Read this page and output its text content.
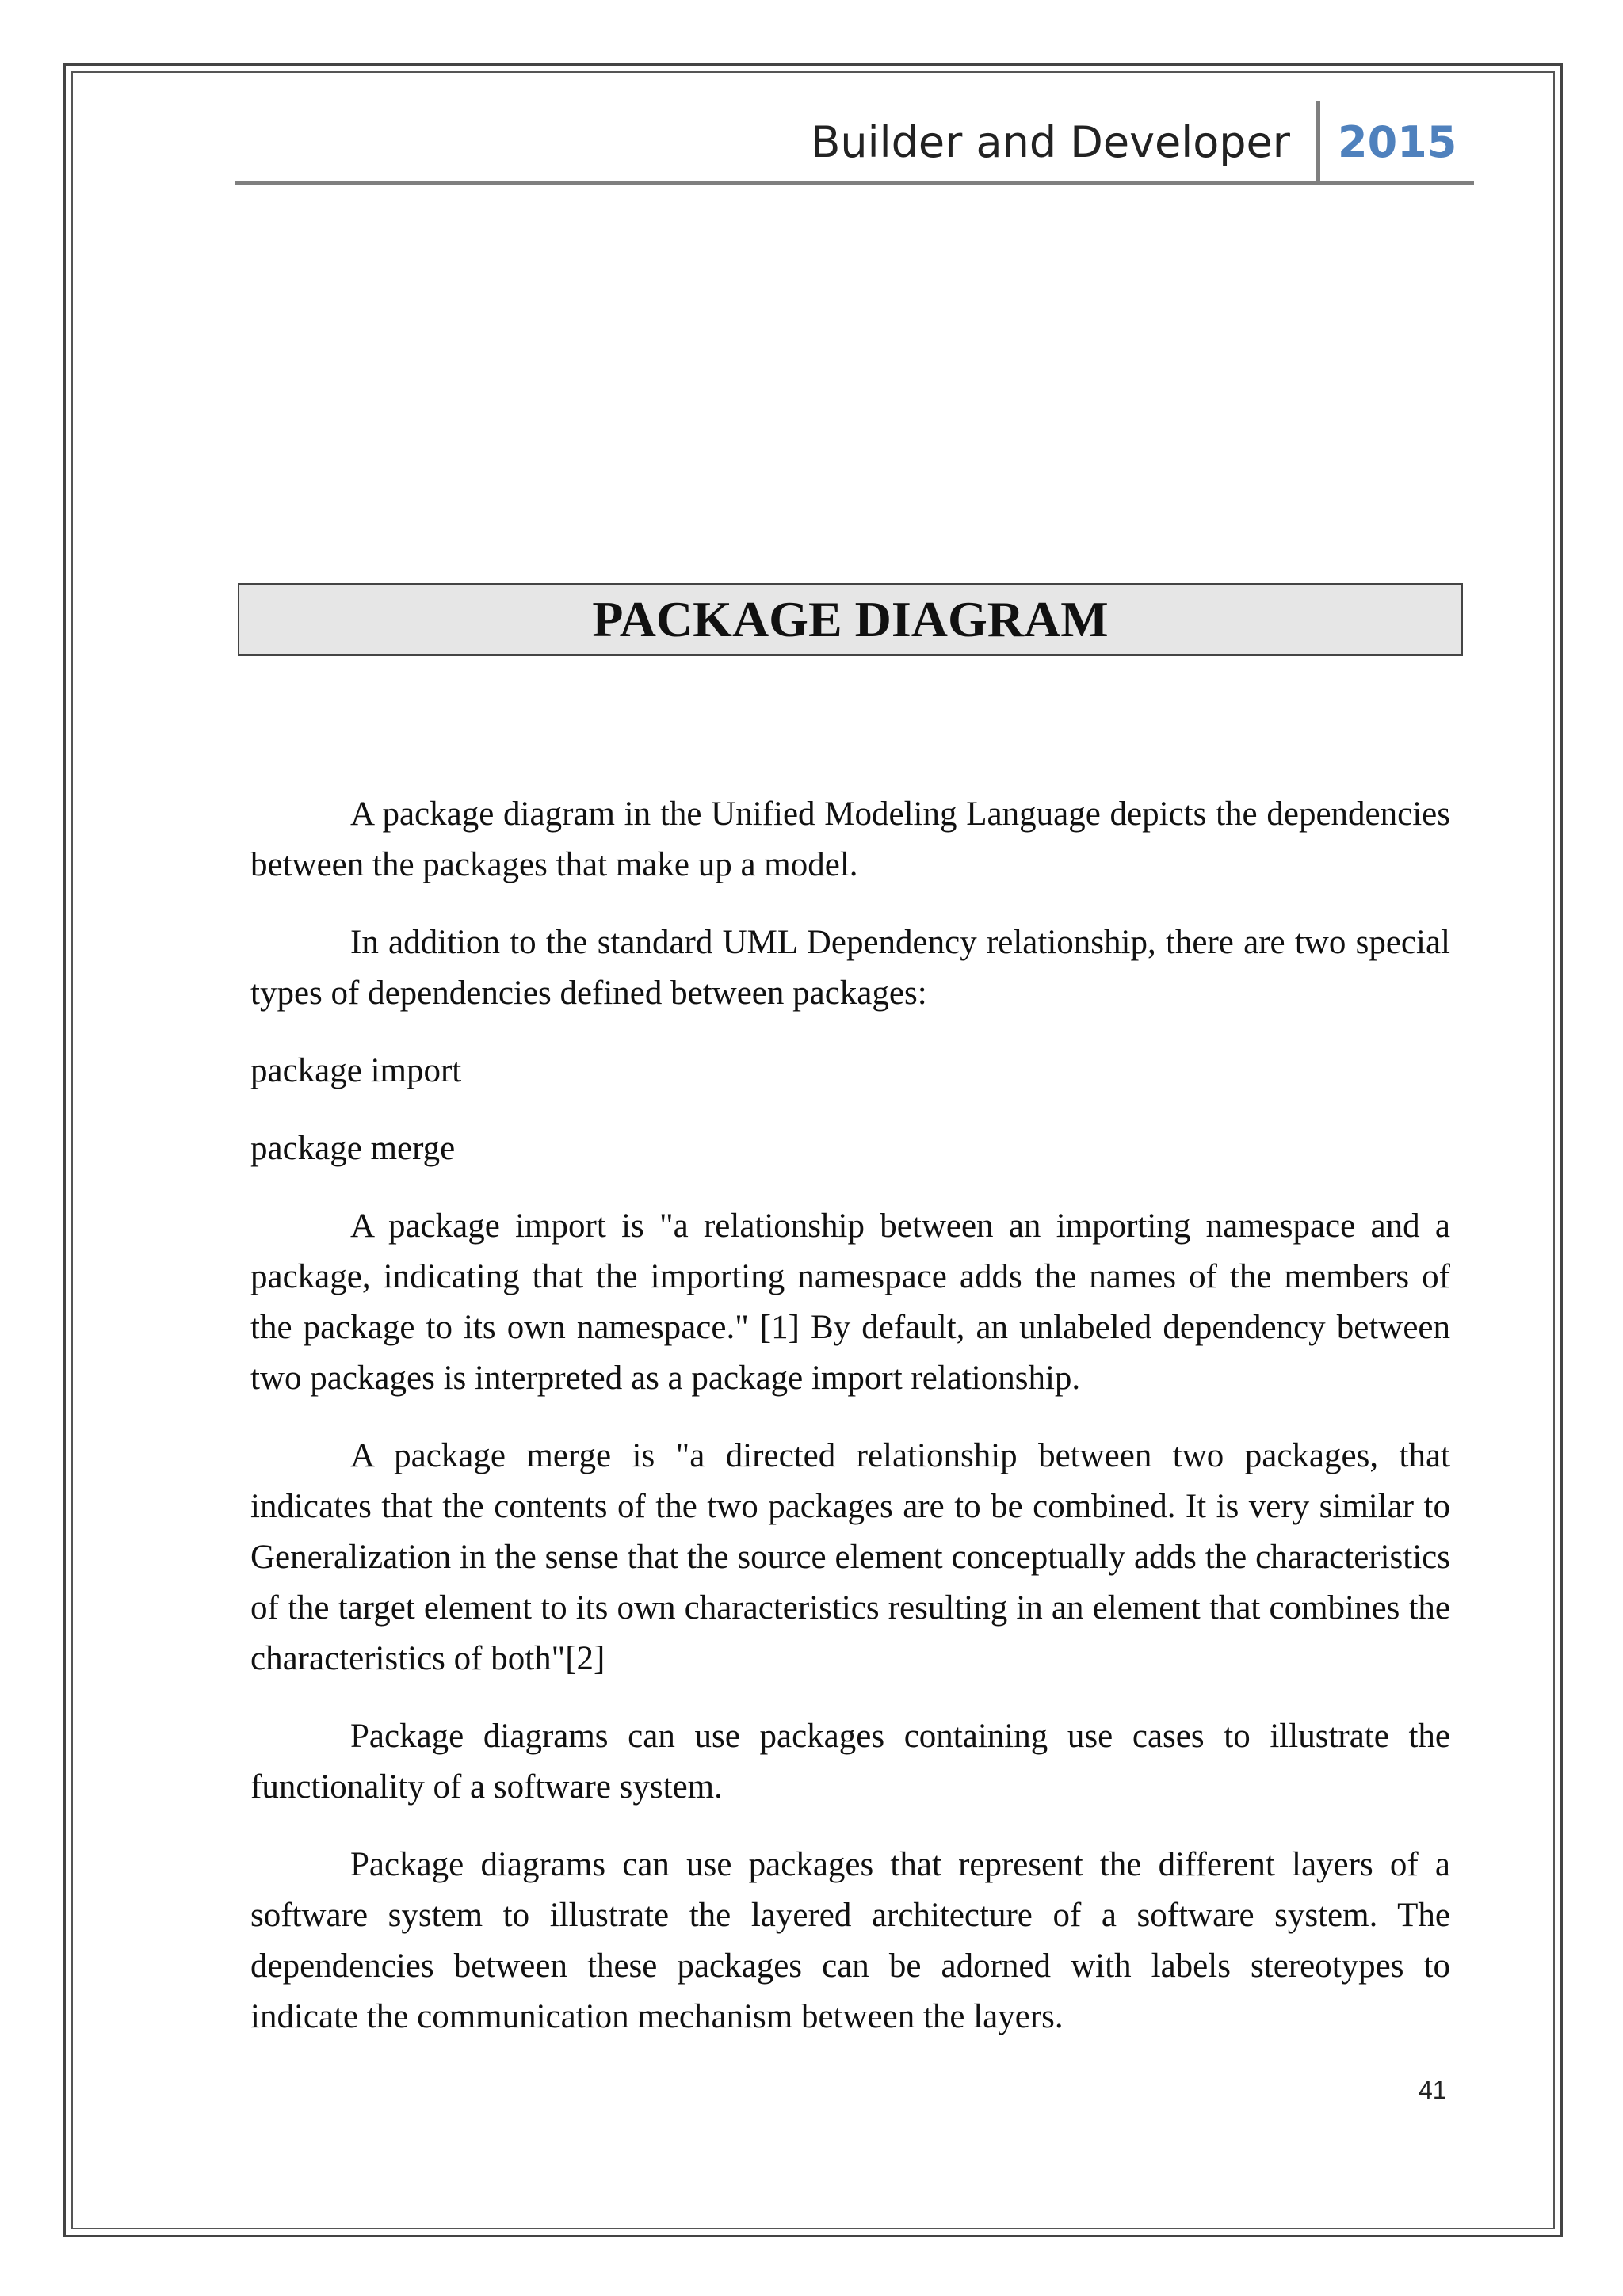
Builder and Developer 2015
PACKAGE DIAGRAM

A package diagram in the Unified Modeling Language depicts the dependencies between the packages that make up a model.

In addition to the standard UML Dependency relationship, there are two special types of dependencies defined between packages:

package import

package merge

A package import is "a relationship between an importing namespace and a package, indicating that the importing namespace adds the names of the members of the package to its own namespace." [1] By default, an unlabeled dependency between two packages is interpreted as a package import relationship.

A package merge is "a directed relationship between two packages, that indicates that the contents of the two packages are to be combined. It is very similar to Generalization in the sense that the source element conceptually adds the characteristics of the target element to its own characteristics resulting in an element that combines the characteristics of both"[2]

Package diagrams can use packages containing use cases to illustrate the functionality of a software system.

Package diagrams can use packages that represent the different layers of a software system to illustrate the layered architecture of a software system. The dependencies between these packages can be adorned with labels stereotypes to indicate the communication mechanism between the layers.

41
